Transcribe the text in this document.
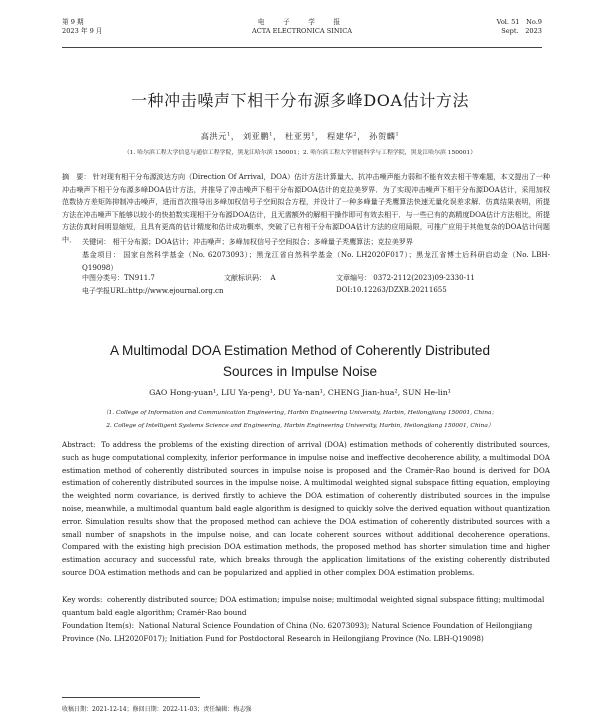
第 9 期
2023 年 9 月
电　子　学　报
ACTA ELECTRONICA SINICA
Vol. 51　No.9
Sept.　2023
一种冲击噪声下相干分布源多峰DOA估计方法
高洪元$^1$， 刘亚鹏$^1$， 杜亚男$^1$， 程建华$^2$， 孙贺麟$^1$
（1. 哈尔滨工程大学信息与通信工程学院，黑龙江哈尔滨 150001；2. 哈尔滨工程大学智能科学与工程学院，黑龙江哈尔滨 150001）
摘　要： 针对现有相干分布源波达方向（Direction Of Arrival，DOA）估计方法计算量大、抗冲击噪声能力弱和不能有效去相干等难题，本文提出了一种冲击噪声下相干分布源多峰DOA估计方法，并推导了冲击噪声下相干分布源DOA估计的克拉美罗界．为了实现冲击噪声下相干分布源DOA估计，采用加权范数协方差矩阵抑制冲击噪声，进而首次推导出多峰加权信号子空间拟合方程，并设计了一种多峰量子秃鹰算法快速无量化误差求解．仿真结果表明，所提方法在冲击噪声下能够以较小的快拍数实现相干分布源DOA估计，且无需额外的解相干操作即可有效去相干．与一些已有的高精度DOA估计方法相比，所提方法仿真时间明显缩短，且具有更高的估计精度和估计成功概率，突破了已有相干分布源DOA估计方法的应用局限，可推广应用于其他复杂的DOA估计问题中． 关键词： 相干分布源；DOA估计；冲击噪声；多峰加权信号子空间拟合；多峰量子秃鹰算法；克拉美罗界
基金项目： 国家自然科学基金（No. 62073093）；黑龙江省自然科学基金（No. LH2020F017）；黑龙江省博士后科研启动金（No. LBH-Q19098）
中图分类号：TN911.7	文献标识码： A	文章编号： 0372-2112(2023)09-2330-11
电子学报URL:http://www.ejournal.org.cn	DOI:10.12263/DZXB.20211655
A Multimodal DOA Estimation Method of Coherently Distributed
Sources in Impulse Noise
GAO Hong-yuan¹, LIU Ya-peng¹, DU Ya-nan¹, CHENG Jian-hua², SUN He-lin¹
（1. College of Information and Communication Engineering, Harbin Engineering University, Harbin, Heilongjiang 150001, China；
2. College of Intelligent Systems Science and Engineering, Harbin Engineering University, Harbin, Heilongjiang 150001, China）
Abstract: To address the problems of the existing direction of arrival (DOA) estimation methods of coherently distributed sources, such as huge computational complexity, inferior performance in impulse noise and ineffective decoherence ability, a multimodal DOA estimation method of coherently distributed sources in impulse noise is proposed and the Cramér-Rao bound is derived for DOA estimation of coherently distributed sources in the impulse noise. A multimodal weighted signal subspace fitting equation, employing the weighted norm covariance, is derived firstly to achieve the DOA estimation of coherently distributed sources in the impulse noise, meanwhile, a multimodal quantum bald eagle algorithm is designed to quickly solve the derived equation without quantization error. Simulation results show that the proposed method can achieve the DOA estimation of coherently distributed sources with a small number of snapshots in the impulse noise, and can locate coherent sources without additional decoherence operations. Compared with the existing high precision DOA estimation methods, the proposed method has shorter simulation time and higher estimation accuracy and successful rate, which breaks through the application limitations of the existing coherently distributed source DOA estimation methods and can be popularized and applied in other complex DOA estimation problems.
Key words: coherently distributed source; DOA estimation; impulse noise; multimodal weighted signal subspace fitting; multimodal quantum bald eagle algorithm; Cramér-Rao bound
Foundation Item(s): National Natural Science Foundation of China (No. 62073093); Natural Science Foundation of Heilongjiang Province (No. LH2020F017); Initiation Fund for Postdoctoral Research in Heilongjiang Province (No. LBH-Q19098)
收稿日期：2021-12-14；修回日期：2022-11-03；责任编辑：梅志强
